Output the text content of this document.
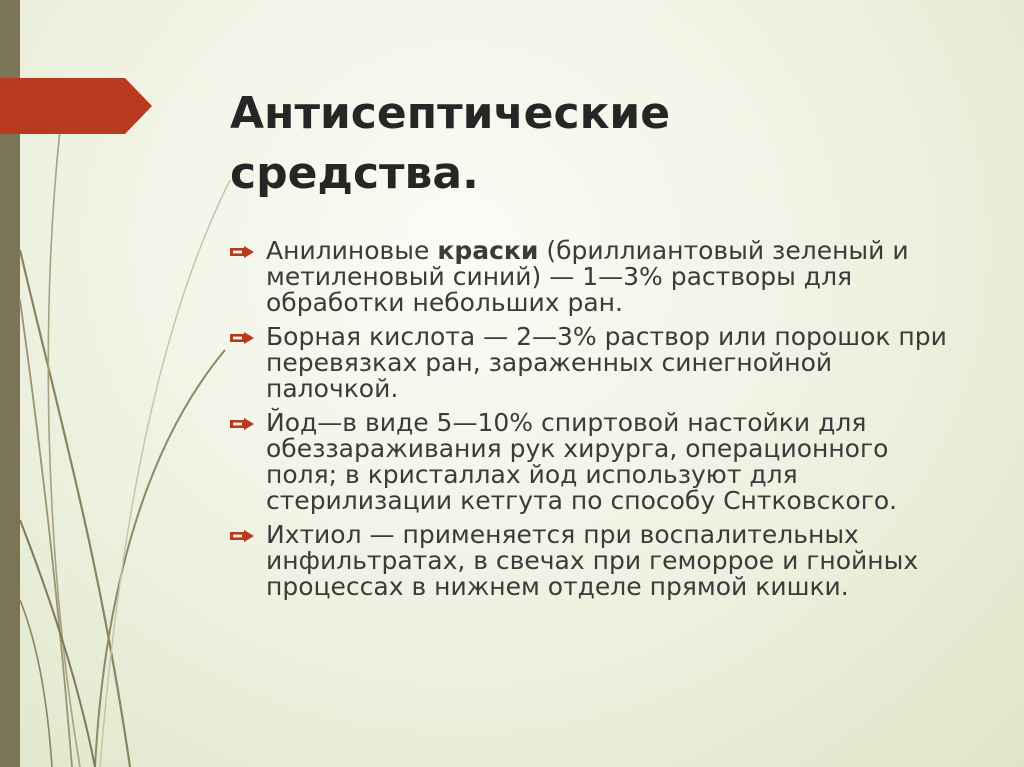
Антисептические средства.
Анилиновые краски (бриллиантовый зеленый и метиленовый синий) — 1—3% растворы для обработки небольших ран.
Борная кислота — 2—3% раствор или порошок при перевязках ран, зараженных синегнойной палочкой.
Йод—в виде 5—10% спиртовой настойки для обеззараживания рук хирурга, операционного поля; в кристаллах йод используют для стерилизации кетгута по способу Снтковского.
Ихтиол — применяется при воспалительных инфильтратах, в свечах при геморрое и гнойных процессах в нижнем отделе прямой кишки.
